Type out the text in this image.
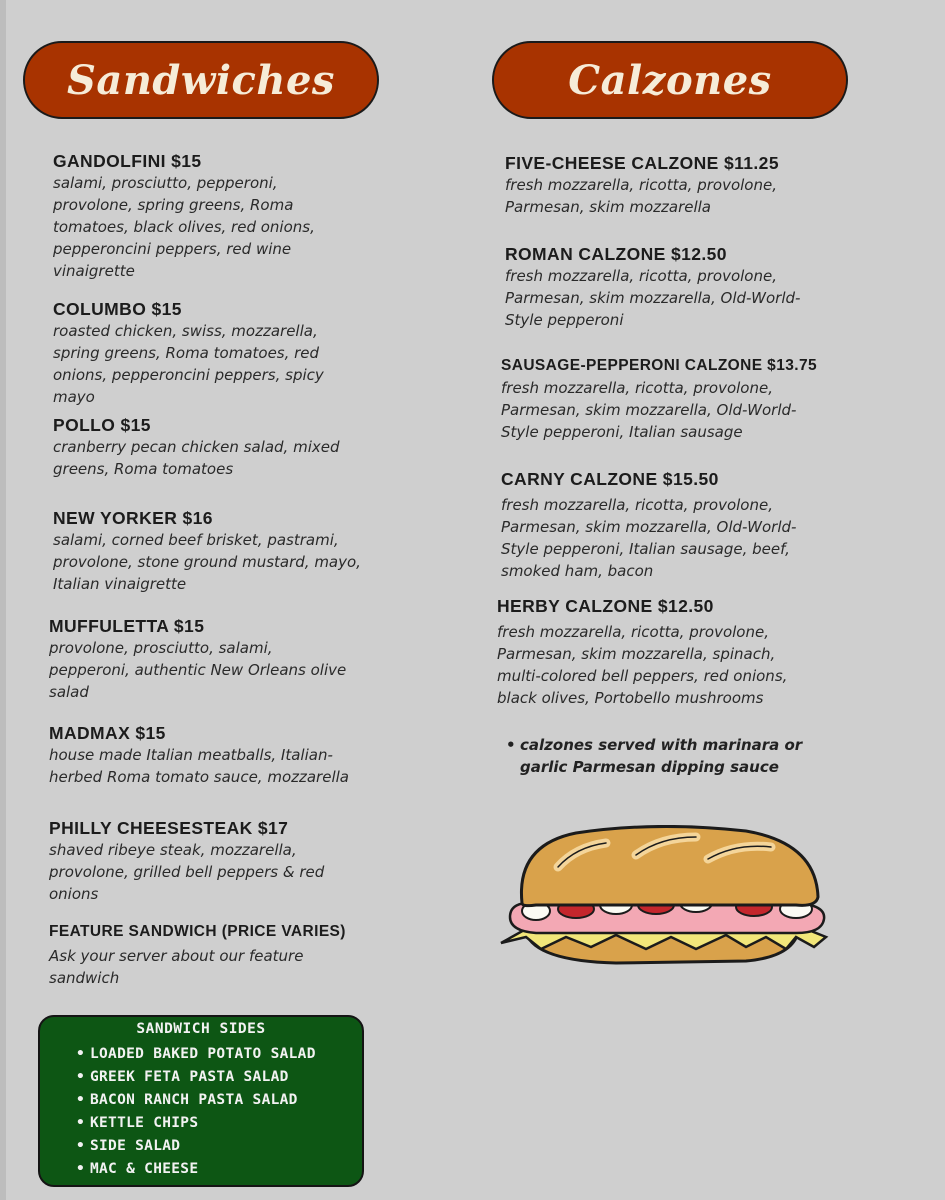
Sandwiches	Calzones
GANDOLFINI $15
salami, prosciutto, pepperoni,
provolone, spring greens, Roma
tomatoes, black olives, red onions,
pepperoncini peppers, red wine
vinaigrette
COLUMBO $15
roasted chicken, swiss, mozzarella,
spring greens, Roma tomatoes, red
onions, pepperoncini peppers, spicy
mayo
POLLO $15
cranberry pecan chicken salad, mixed
greens, Roma tomatoes
NEW YORKER $16
salami, corned beef brisket, pastrami,
provolone, stone ground mustard, mayo,
Italian vinaigrette
MUFFULETTA $15
provolone, prosciutto, salami,
pepperoni, authentic New Orleans olive
salad
MADMAX $15
house made Italian meatballs, Italian-
herbed Roma tomato sauce, mozzarella
PHILLY CHEESESTEAK $17
shaved ribeye steak, mozzarella,
provolone, grilled bell peppers & red
onions
FEATURE SANDWICH (PRICE VARIES)
Ask your server about our feature
sandwich
SANDWICH SIDES
• LOADED BAKED POTATO SALAD
• GREEK FETA PASTA SALAD
• BACON RANCH PASTA SALAD
• KETTLE CHIPS
• SIDE SALAD
• MAC & CHEESE
FIVE-CHEESE CALZONE $11.25
fresh mozzarella, ricotta, provolone,
Parmesan, skim mozzarella
ROMAN CALZONE $12.50
fresh mozzarella, ricotta, provolone,
Parmesan, skim mozzarella, Old-World-
Style pepperoni
SAUSAGE-PEPPERONI CALZONE $13.75
fresh mozzarella, ricotta, provolone,
Parmesan, skim mozzarella, Old-World-
Style pepperoni, Italian sausage
CARNY CALZONE $15.50
fresh mozzarella, ricotta, provolone,
Parmesan, skim mozzarella, Old-World-
Style pepperoni, Italian sausage, beef,
smoked ham, bacon
HERBY CALZONE $12.50
fresh mozzarella, ricotta, provolone,
Parmesan, skim mozzarella, spinach,
multi-colored bell peppers, red onions,
black olives, Portobello mushrooms
• calzones served with marinara or
garlic Parmesan dipping sauce
